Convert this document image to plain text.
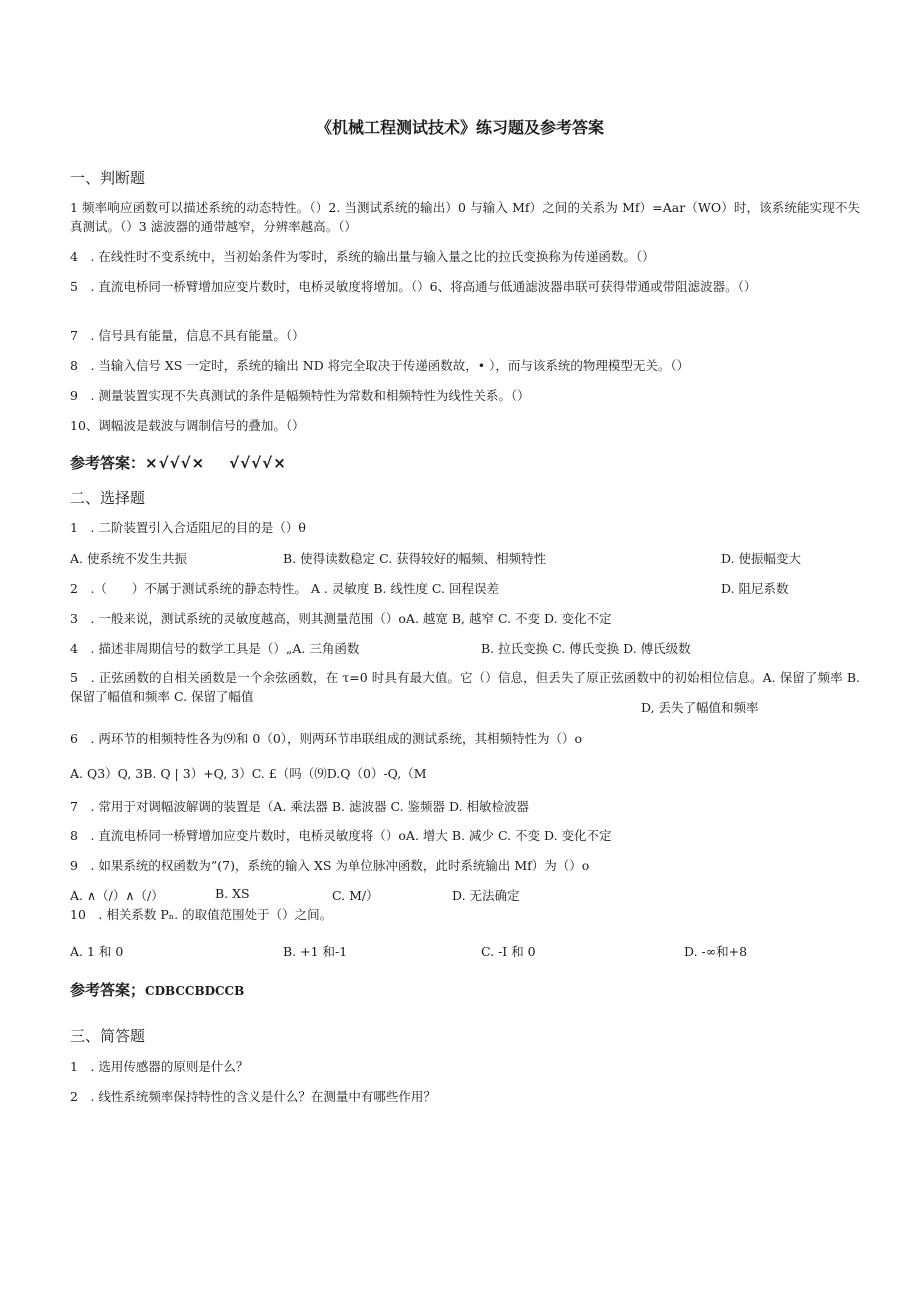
《机械工程测试技术》练习题及参考答案
一、判断题
1 频率响应函数可以描述系统的动态特性。（）2. 当测试系统的输出）0 与输入 Mf）之间的关系为 Mf）=Aar（WO）时，该系统能实现不失真测试。（）3 滤波器的通带越窄，分辨率越高。（）
4　. 在线性时不变系统中，当初始条件为零时，系统的输出量与输入量之比的拉氏变换称为传递函数。（）
5　. 直流电桥同一桥臂增加应变片数时，电桥灵敏度将增加。（）6、将高通与低通滤波器串联可获得带通或带阻滤波器。（）
7　. 信号具有能量，信息不具有能量。（）
8　. 当输入信号 XS 一定时，系统的输出 ND 将完全取决于传递函数故，• ），而与该系统的物理模型无关。（）
9　. 测量装置实现不失真测试的条件是幅频特性为常数和相频特性为线性关系。（）
10、调幅波是载波与调制信号的叠加。（）
参考答案：×√√√× √√√√×
二、选择题
1　. 二阶装置引入合适阻尼的目的是（）θ
A. 使系统不发生共振	B. 使得读数稳定 C. 获得较好的幅频、相频特性	D. 使振幅变大
2　.（　　）不属于测试系统的静态特性。 A . 灵敏度 B. 线性度 C. 回程误差	D. 阻尼系数
3　. 一般来说，测试系统的灵敏度越高，则其测量范围（）oA. 越宽 B, 越窄 C. 不变 D. 变化不定
4　. 描述非周期信号的数学工具是（）„A. 三角函数	B. 拉氏变换 C. 傅氏变换 D. 傅氏级数
5　. 正弦函数的自相关函数是一个余弦函数，在 τ=0 时具有最大值。它（）信息，但丢失了原正弦函数中的初始相位信息。A. 保留了频率 B. 保留了幅值和频率 C. 保留了幅值
D, 丢失了幅值和频率
6　. 两环节的相频特性各为⑼和 0（0），则两环节串联组成的测试系统，其相频特性为（）o
A. Q3）Q, 3B. Q | 3）+Q, 3）C. £（吗（⑼D.Q（0）-Q,（M
7　. 常用于对调幅波解调的装置是（A. 乘法器 B. 滤波器 C. 鉴频器 D. 相敏检波器
8　. 直流电桥同一桥臂增加应变片数时，电桥灵敏度将（）oA. 增大 B. 减少 C. 不变 D. 变化不定
9　. 如果系统的权函数为”(7)，系统的输入 XS 为单位脉冲函数，此时系统输出 Mf）为（）o
A. ∧（/）∧（/）	B. XS	C. M/）	D. 无法确定
10　. 相关系数 Pₙ. 的取值范围处于（）之间。
A. 1 和 0	B. +1 和-1	C. -I 和 0	D. -∞和+8
参考答案；CDBCCBDCCB
三、简答题
1　. 选用传感器的原则是什么？
2　. 线性系统频率保持特性的含义是什么？在测量中有哪些作用？
